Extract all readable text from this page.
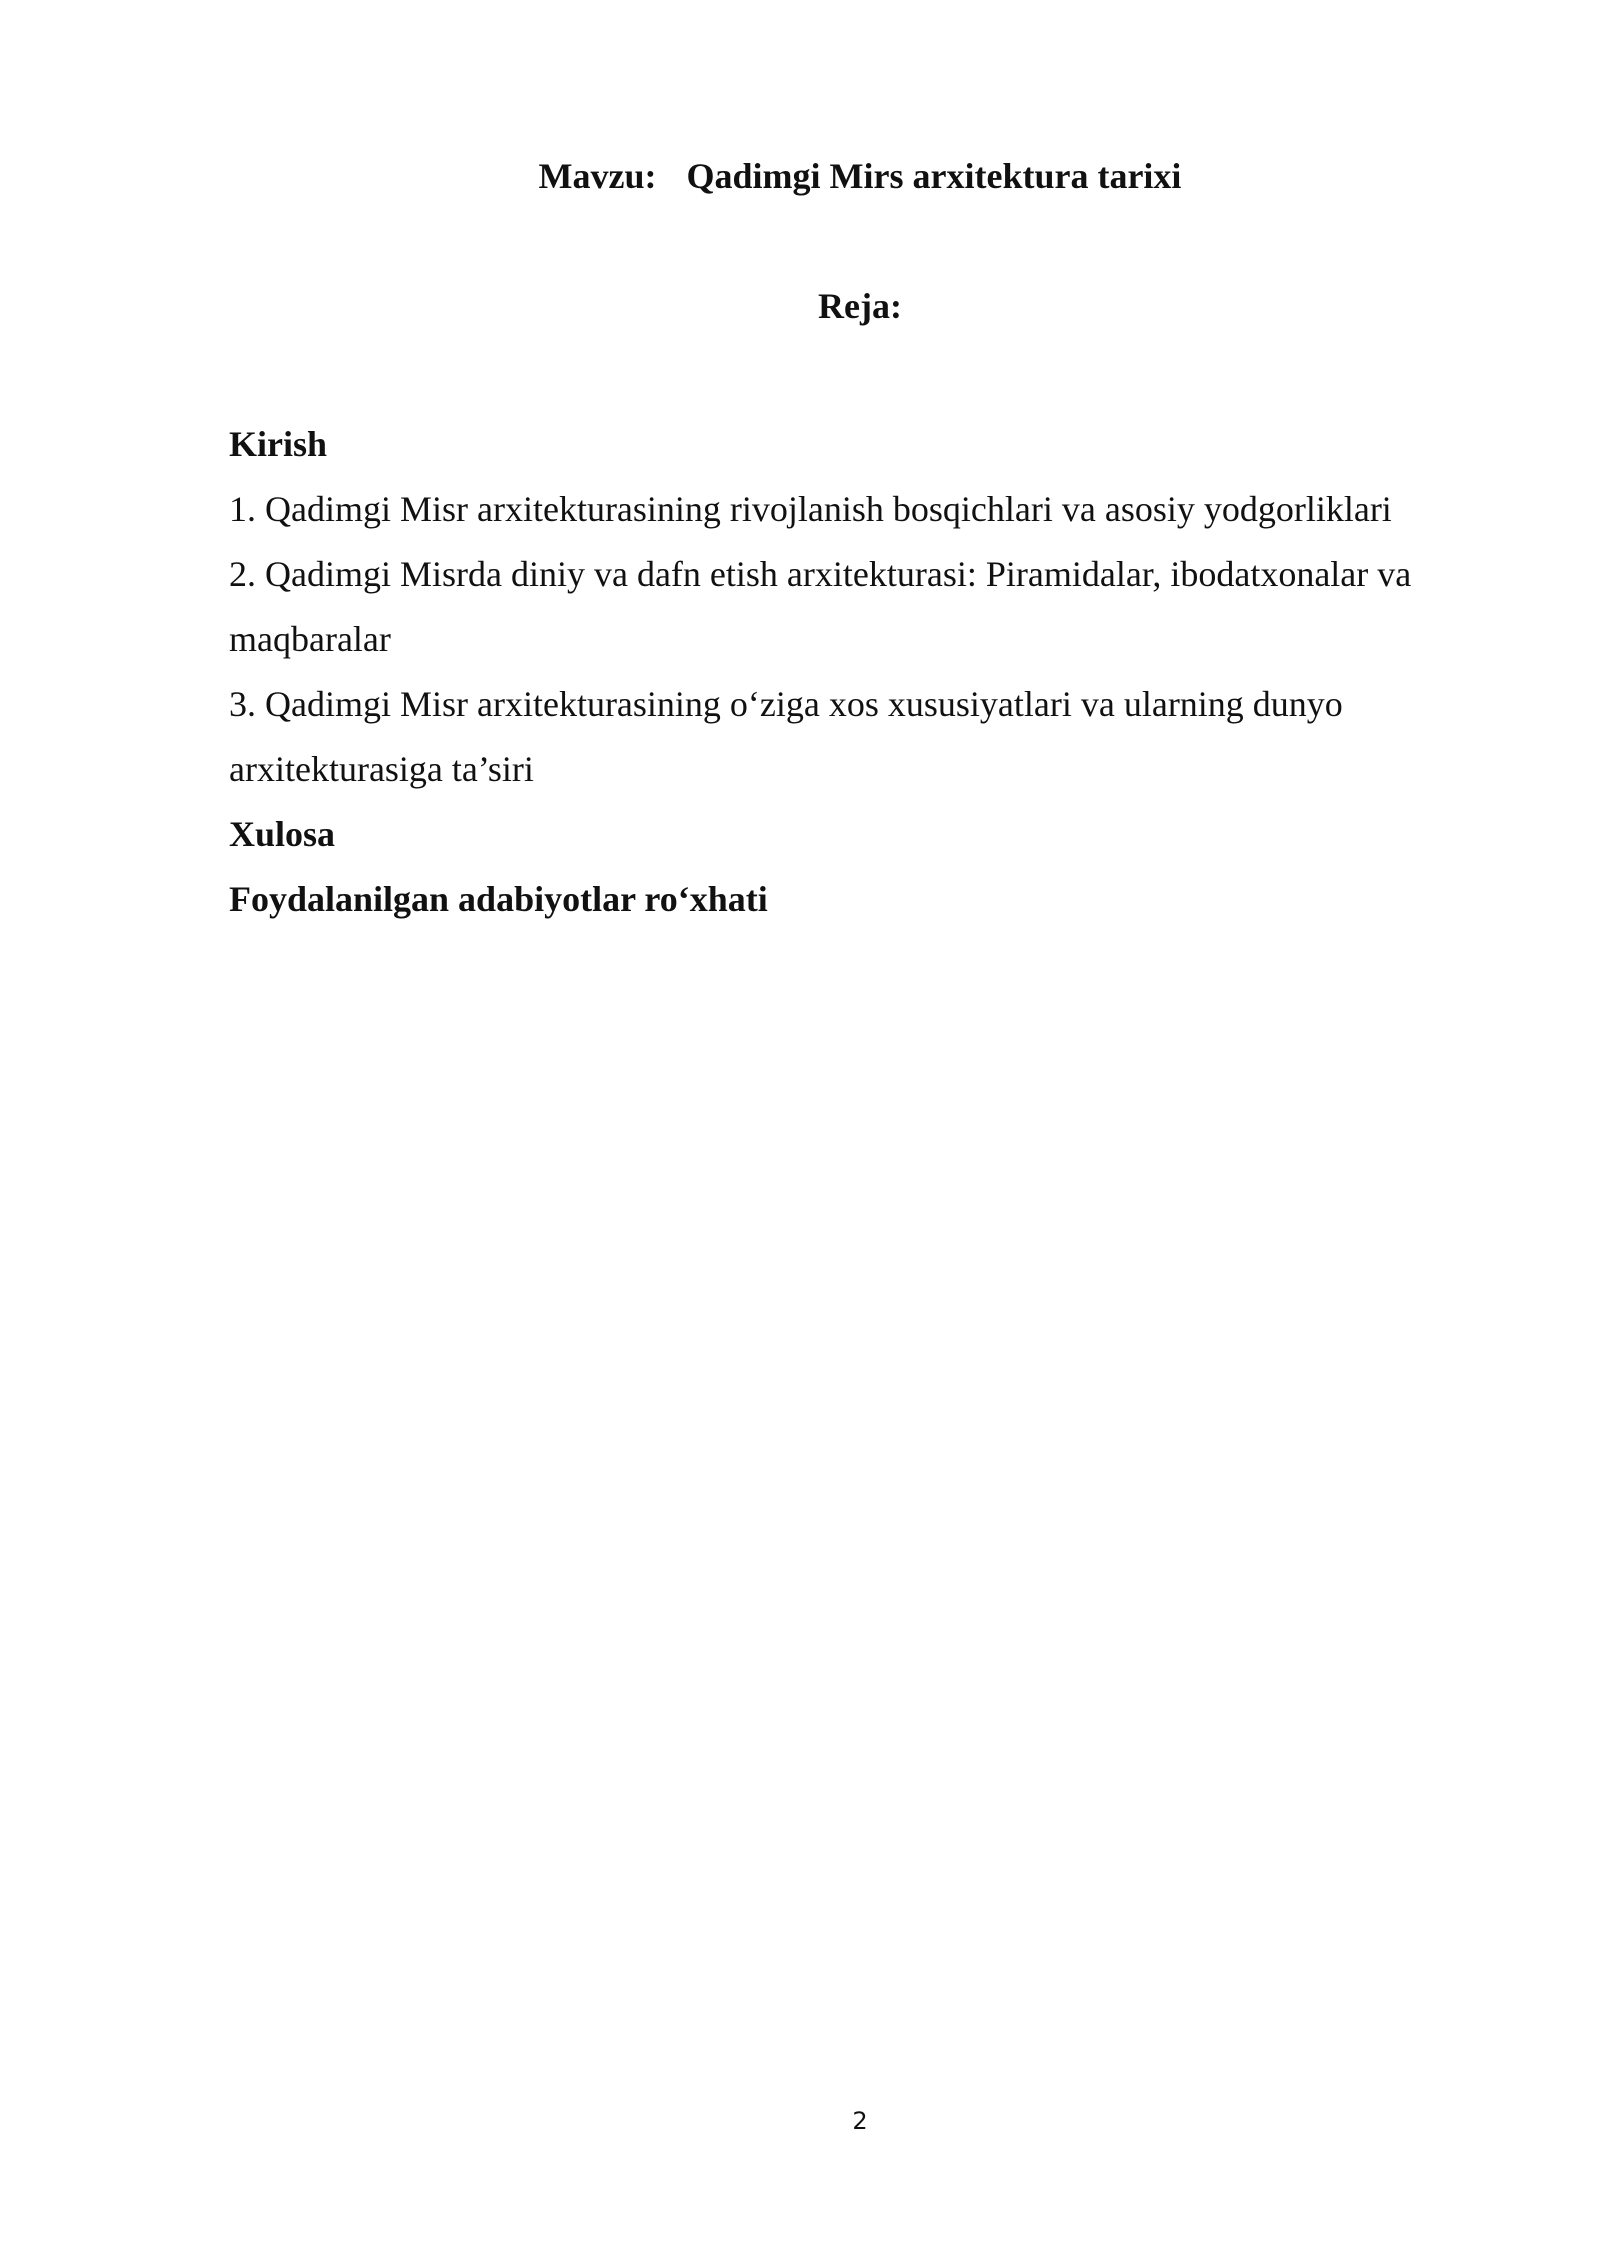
Mavzu: Qadimgi Mirs arxitektura tarixi
Reja:
Kirish
1. Qadimgi Misr arxitekturasining rivojlanish bosqichlari va asosiy yodgorliklari
2. Qadimgi Misrda diniy va dafn etish arxitekturasi: Piramidalar, ibodatxonalar va
maqbaralar
3. Qadimgi Misr arxitekturasining o‘ziga xos xususiyatlari va ularning dunyo
arxitekturasiga ta’siri
Xulosa
Foydalanilgan adabiyotlar ro‘xhati
2
